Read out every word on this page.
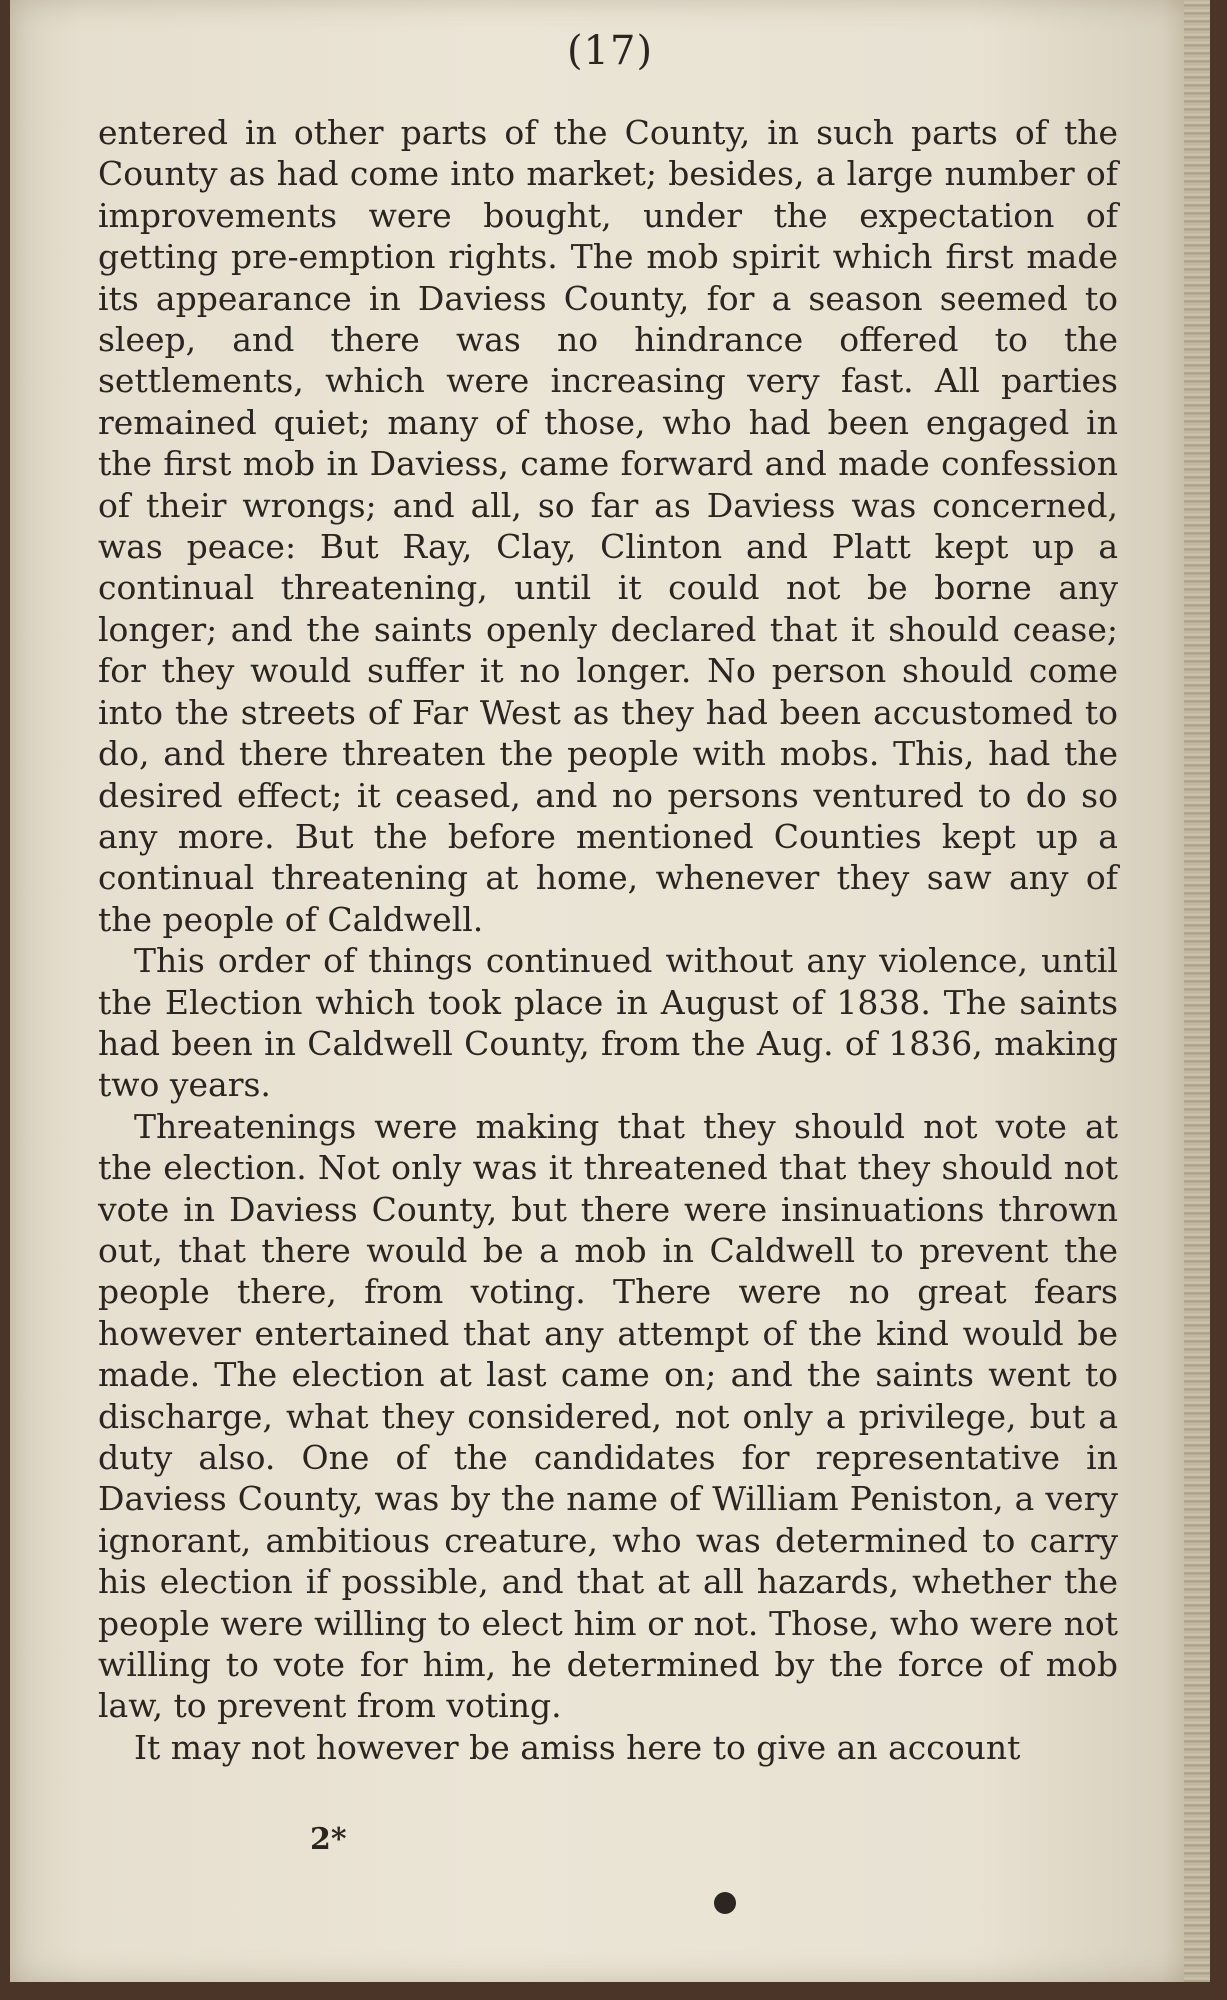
(17)

entered in other parts of the County, in such parts of the County as had come into market; besides, a large number of improvements were bought, under the expectation of getting pre-emption rights. The mob spirit which first made its appearance in Daviess County, for a season seemed to sleep, and there was no hindrance offered to the settlements, which were increasing very fast. All parties remained quiet; many of those, who had been engaged in the first mob in Daviess, came forward and made confession of their wrongs; and all, so far as Daviess was concerned, was peace: But Ray, Clay, Clinton and Platt kept up a continual threatening, until it could not be borne any longer; and the saints openly declared that it should cease; for they would suffer it no longer. No person should come into the streets of Far West as they had been accustomed to do, and there threaten the people with mobs. This, had the desired effect; it ceased, and no persons ventured to do so any more. But the before mentioned Counties kept up a continual threatening at home, whenever they saw any of the people of Caldwell.

This order of things continued without any violence, until the Election which took place in August of 1838. The saints had been in Caldwell County, from the Aug. of 1836, making two years.

Threatenings were making that they should not vote at the election. Not only was it threatened that they should not vote in Daviess County, but there were insinuations thrown out, that there would be a mob in Caldwell to prevent the people there, from voting. There were no great fears however entertained that any attempt of the kind would be made. The election at last came on; and the saints went to discharge, what they considered, not only a privilege, but a duty also. One of the candidates for representative in Daviess County, was by the name of William Peniston, a very ignorant, ambitious creature, who was determined to carry his election if possible, and that at all hazards, whether the people were willing to elect him or not. Those, who were not willing to vote for him, he determined by the force of mob law, to prevent from voting.

It may not however be amiss here to give an account

2*
